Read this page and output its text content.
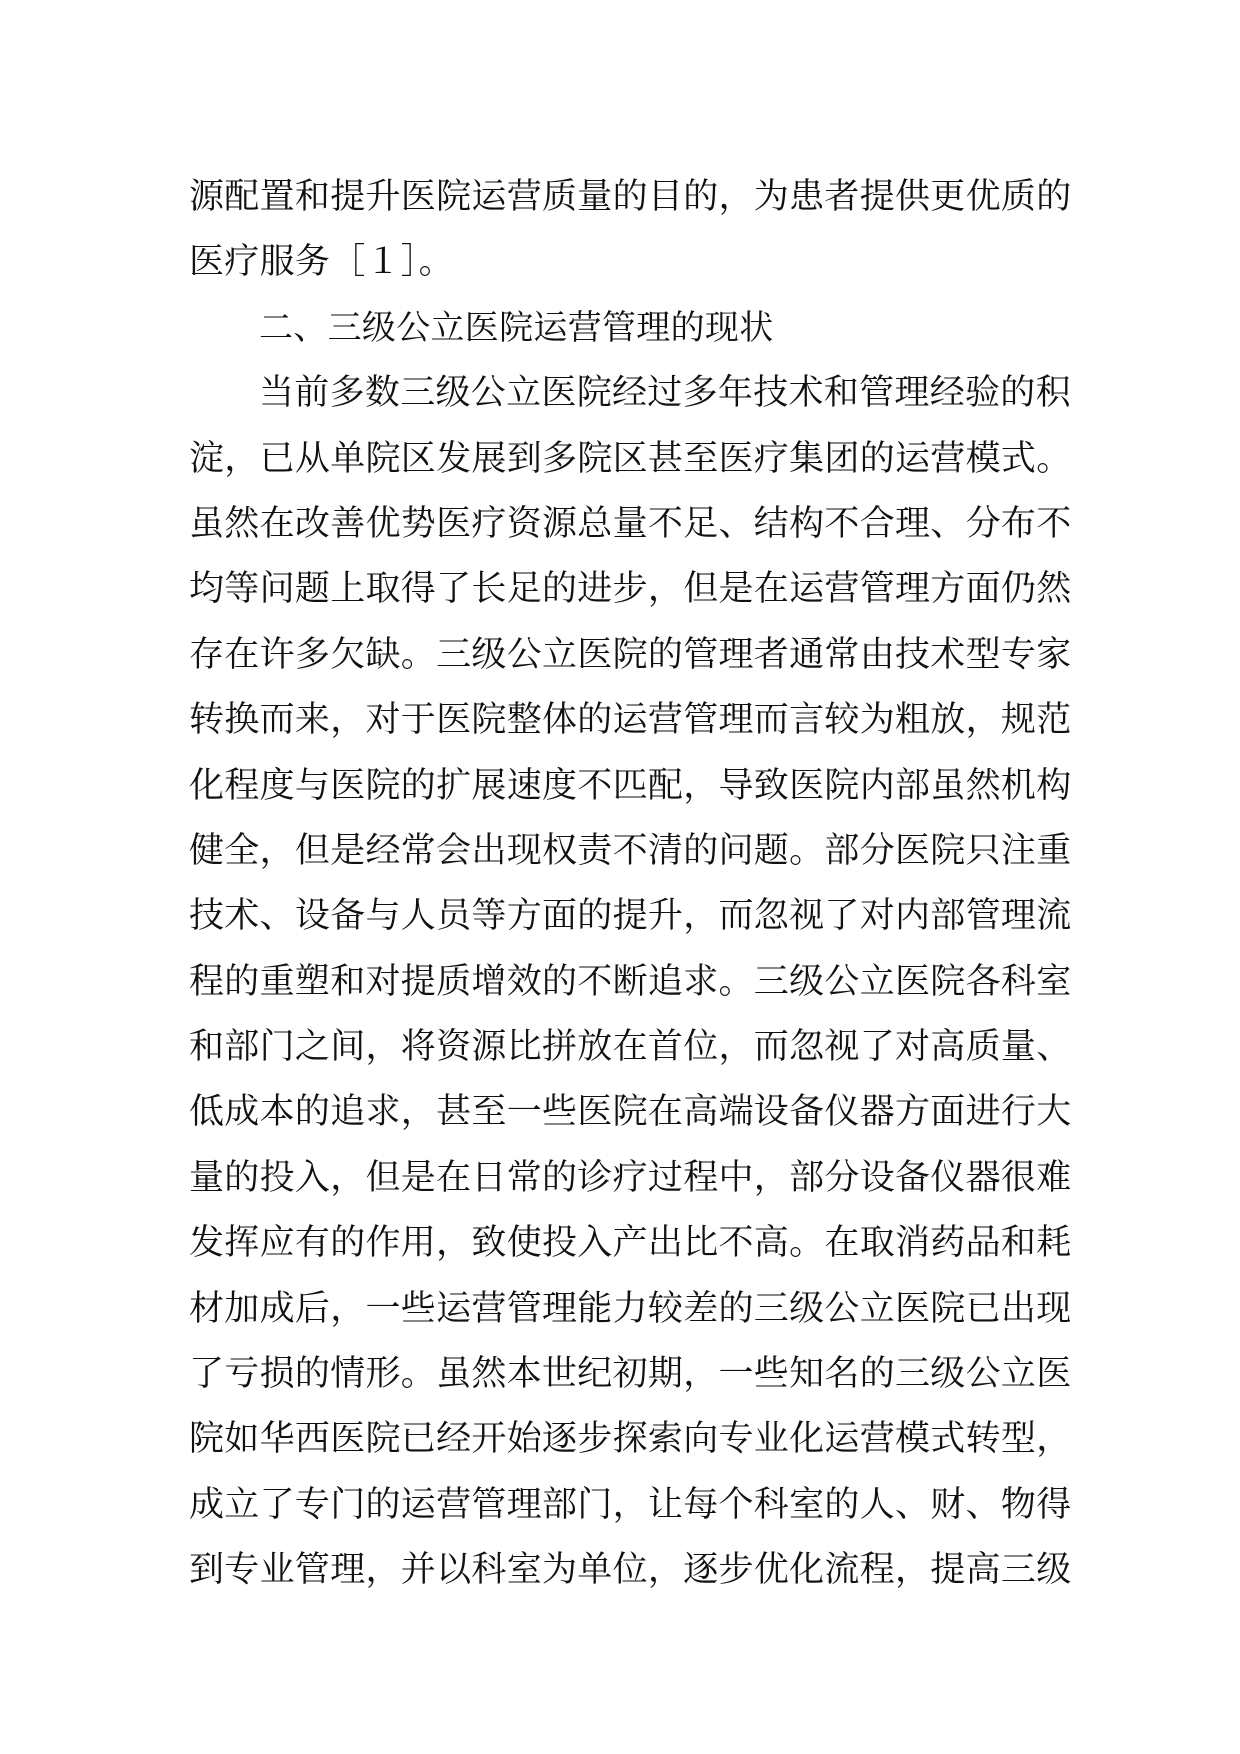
源配置和提升医院运营质量的目的，为患者提供更优质的
医疗服务［１］。
二、三级公立医院运营管理的现状
当前多数三级公立医院经过多年技术和管理经验的积
淀，已从单院区发展到多院区甚至医疗集团的运营模式。
虽然在改善优势医疗资源总量不足、结构不合理、分布不
均等问题上取得了长足的进步，但是在运营管理方面仍然
存在许多欠缺。三级公立医院的管理者通常由技术型专家
转换而来，对于医院整体的运营管理而言较为粗放，规范
化程度与医院的扩展速度不匹配，导致医院内部虽然机构
健全，但是经常会出现权责不清的问题。部分医院只注重
技术、设备与人员等方面的提升，而忽视了对内部管理流
程的重塑和对提质增效的不断追求。三级公立医院各科室
和部门之间，将资源比拼放在首位，而忽视了对高质量、
低成本的追求，甚至一些医院在高端设备仪器方面进行大
量的投入，但是在日常的诊疗过程中，部分设备仪器很难
发挥应有的作用，致使投入产出比不高。在取消药品和耗
材加成后，一些运营管理能力较差的三级公立医院已出现
了亏损的情形。虽然本世纪初期，一些知名的三级公立医
院如华西医院已经开始逐步探索向专业化运营模式转型，
成立了专门的运营管理部门，让每个科室的人、财、物得
到专业管理，并以科室为单位，逐步优化流程，提高三级
